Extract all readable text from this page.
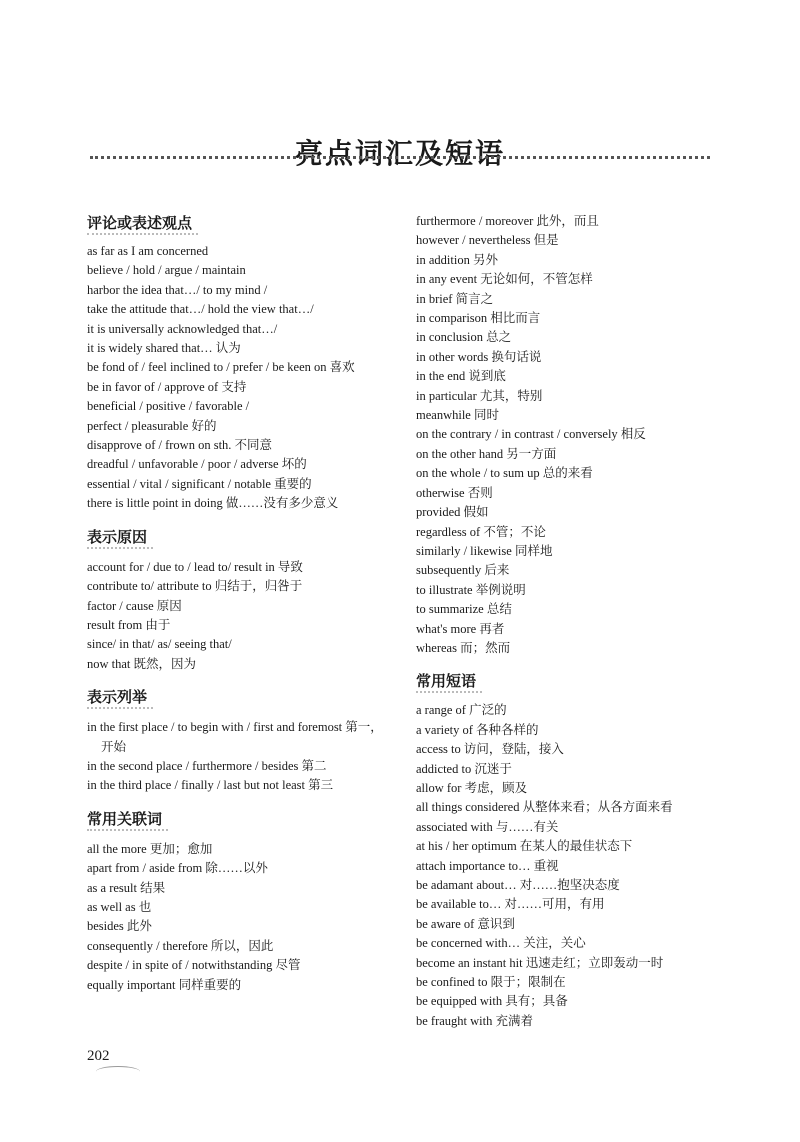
亮点词汇及短语
评论或表述观点
as far as I am concerned
believe / hold / argue / maintain
harbor the idea that…/ to my mind /
take the attitude that…/ hold the view that…/
it is universally acknowledged that…/
it is widely shared that… 认为
be fond of / feel inclined to / prefer / be keen on 喜欢
be in favor of / approve of 支持
beneficial / positive / favorable /
perfect / pleasurable 好的
disapprove of / frown on sth. 不同意
dreadful / unfavorable / poor / adverse 坏的
essential / vital / significant / notable 重要的
there is little point in doing 做……没有多少意义
表示原因
account for / due to / lead to/ result in 导致
contribute to/ attribute to 归结于，归咎于
factor / cause 原因
result from 由于
since/ in that/ as/ seeing that/
now that 既然，因为
表示列举
in the first place / to begin with / first and foremost 第一，开始
in the second place / furthermore / besides 第二
in the third place / finally / last but not least 第三
常用关联词
all the more 更加；愈加
apart from / aside from 除……以外
as a result 结果
as well as 也
besides 此外
consequently / therefore 所以，因此
despite / in spite of / notwithstanding 尽管
equally important 同样重要的
furthermore / moreover 此外，而且
however / nevertheless 但是
in addition 另外
in any event 无论如何，不管怎样
in brief 简言之
in comparison 相比而言
in conclusion 总之
in other words 换句话说
in the end 说到底
in particular 尤其，特别
meanwhile 同时
on the contrary / in contrast / conversely 相反
on the other hand 另一方面
on the whole / to sum up 总的来看
otherwise 否则
provided 假如
regardless of 不管；不论
similarly / likewise 同样地
subsequently 后来
to illustrate 举例说明
to summarize 总结
what's more 再者
whereas 而；然而
常用短语
a range of 广泛的
a variety of 各种各样的
access to 访问，登陆，接入
addicted to 沉迷于
allow for 考虑，顾及
all things considered 从整体来看；从各方面来看
associated with 与……有关
at his / her optimum 在某人的最佳状态下
attach importance to… 重视
be adamant about… 对……抱坚决态度
be available to… 对……可用，有用
be aware of 意识到
be concerned with… 关注，关心
become an instant hit 迅速走红；立即轰动一时
be confined to 限于；限制在
be equipped with 具有；具备
be fraught with 充满着
202
